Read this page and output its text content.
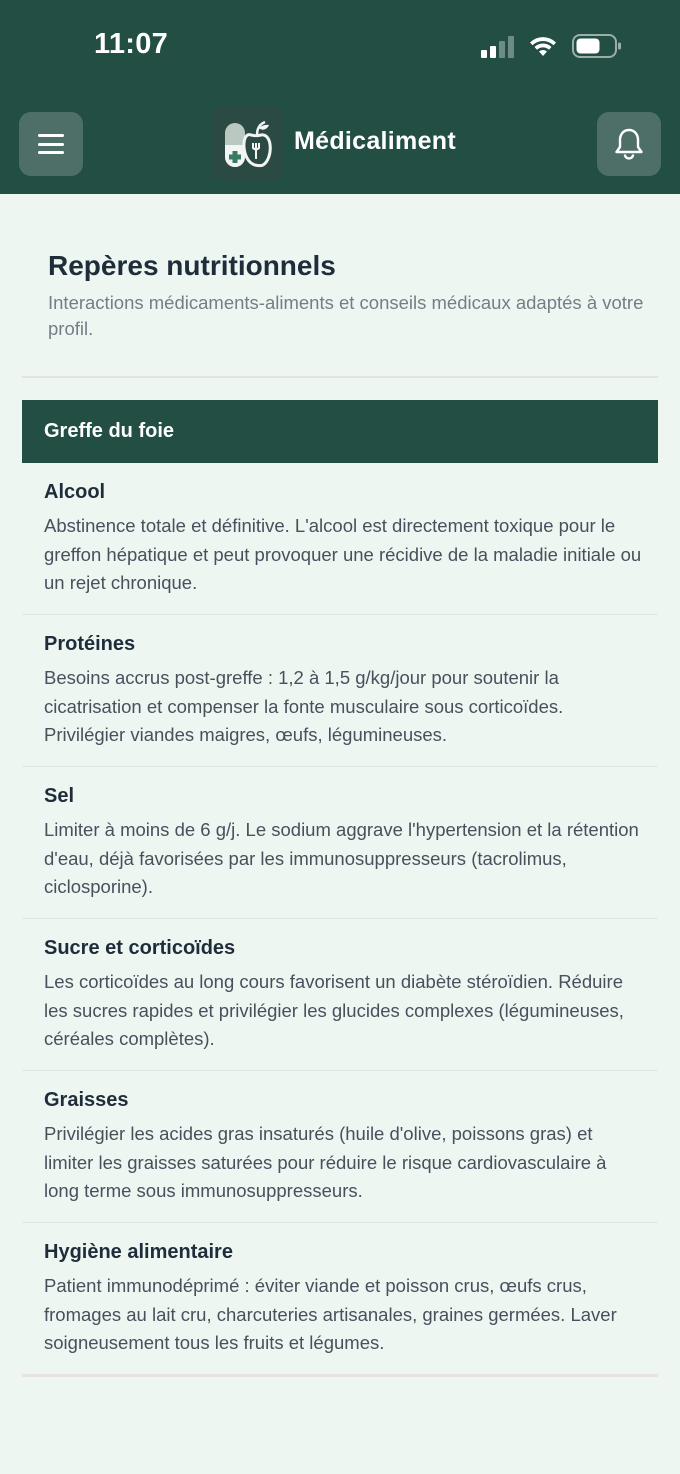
11:07
Médicaliment
Repères nutritionnels

Interactions médicaments-aliments et conseils médicaux adaptés à votre profil.

Greffe du foie
Alcool
Abstinence totale et définitive. L'alcool est directement toxique pour le greffon hépatique et peut provoquer une récidive de la maladie initiale ou un rejet chronique.
Protéines
Besoins accrus post-greffe : 1,2 à 1,5 g/kg/jour pour soutenir la cicatrisation et compenser la fonte musculaire sous corticoïdes. Privilégier viandes maigres, œufs, légumineuses.
Sel
Limiter à moins de 6 g/j. Le sodium aggrave l'hypertension et la rétention d'eau, déjà favorisées par les immunosuppresseurs (tacrolimus, ciclosporine).
Sucre et corticoïdes
Les corticoïdes au long cours favorisent un diabète stéroïdien. Réduire les sucres rapides et privilégier les glucides complexes (légumineuses, céréales complètes).
Graisses
Privilégier les acides gras insaturés (huile d'olive, poissons gras) et limiter les graisses saturées pour réduire le risque cardiovasculaire à long terme sous immunosuppresseurs.
Hygiène alimentaire
Patient immunodéprimé : éviter viande et poisson crus, œufs crus, fromages au lait cru, charcuteries artisanales, graines germées. Laver soigneusement tous les fruits et légumes.
